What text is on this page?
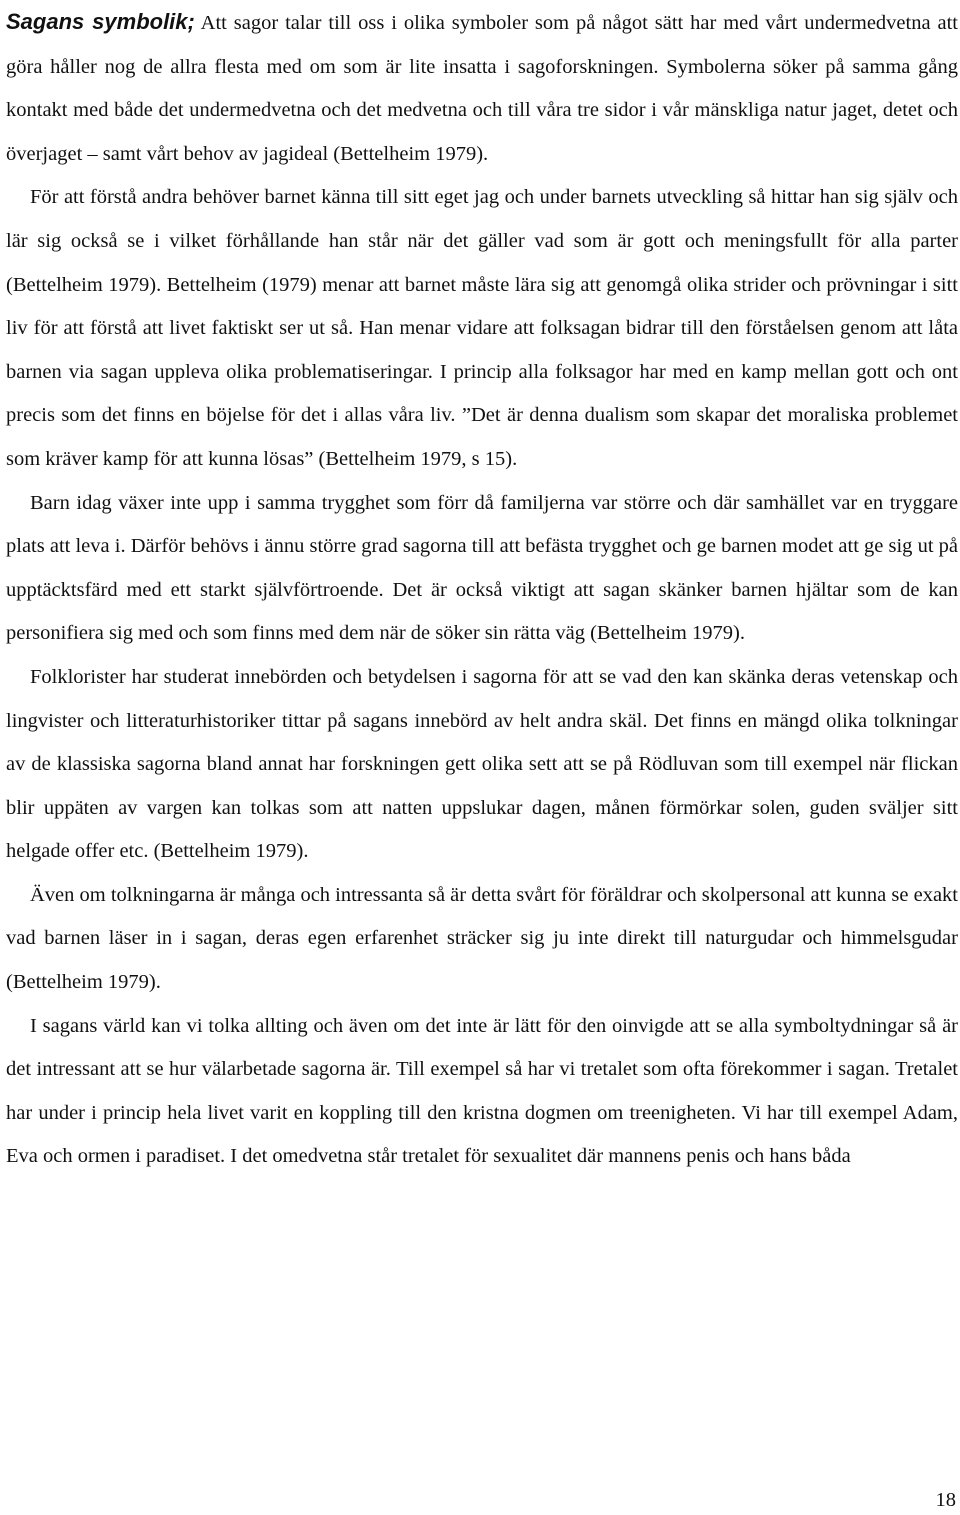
Sagans symbolik; Att sagor talar till oss i olika symboler som på något sätt har med vårt undermedvetna att göra håller nog de allra flesta med om som är lite insatta i sagoforskningen. Symbolerna söker på samma gång kontakt med både det undermedvetna och det medvetna och till våra tre sidor i vår mänskliga natur jaget, detet och överjaget – samt vårt behov av jagideal (Bettelheim 1979).

För att förstå andra behöver barnet känna till sitt eget jag och under barnets utveckling så hittar han sig själv och lär sig också se i vilket förhållande han står när det gäller vad som är gott och meningsfullt för alla parter (Bettelheim 1979). Bettelheim (1979) menar att barnet måste lära sig att genomgå olika strider och prövningar i sitt liv för att förstå att livet faktiskt ser ut så. Han menar vidare att folksagan bidrar till den förståelsen genom att låta barnen via sagan uppleva olika problematiseringar. I princip alla folksagor har med en kamp mellan gott och ont precis som det finns en böjelse för det i allas våra liv. ”Det är denna dualism som skapar det moraliska problemet som kräver kamp för att kunna lösas” (Bettelheim 1979, s 15).

Barn idag växer inte upp i samma trygghet som förr då familjerna var större och där samhället var en tryggare plats att leva i. Därför behövs i ännu större grad sagorna till att befästa trygghet och ge barnen modet att ge sig ut på upptäcktsfärd med ett starkt självförtroende. Det är också viktigt att sagan skänker barnen hjältar som de kan personifiera sig med och som finns med dem när de söker sin rätta väg (Bettelheim 1979).

Folklorister har studerat innebörden och betydelsen i sagorna för att se vad den kan skänka deras vetenskap och lingvister och litteraturhistoriker tittar på sagans innebörd av helt andra skäl. Det finns en mängd olika tolkningar av de klassiska sagorna bland annat har forskningen gett olika sett att se på Rödluvan som till exempel när flickan blir uppäten av vargen kan tolkas som att natten uppslukar dagen, månen förmörkar solen, guden sväljer sitt helgade offer etc. (Bettelheim 1979).

Även om tolkningarna är många och intressanta så är detta svårt för föräldrar och skolpersonal att kunna se exakt vad barnen läser in i sagan, deras egen erfarenhet sträcker sig ju inte direkt till naturgudar och himmelsgudar (Bettelheim 1979).

I sagans värld kan vi tolka allting och även om det inte är lätt för den oinvigde att se alla symboltydningar så är det intressant att se hur välarbetade sagorna är. Till exempel så har vi tretalet som ofta förekommer i sagan. Tretalet har under i princip hela livet varit en koppling till den kristna dogmen om treenigheten. Vi har till exempel Adam, Eva och ormen i paradiset. I det omedvetna står tretalet för sexualitet där mannens penis och hans båda

18
